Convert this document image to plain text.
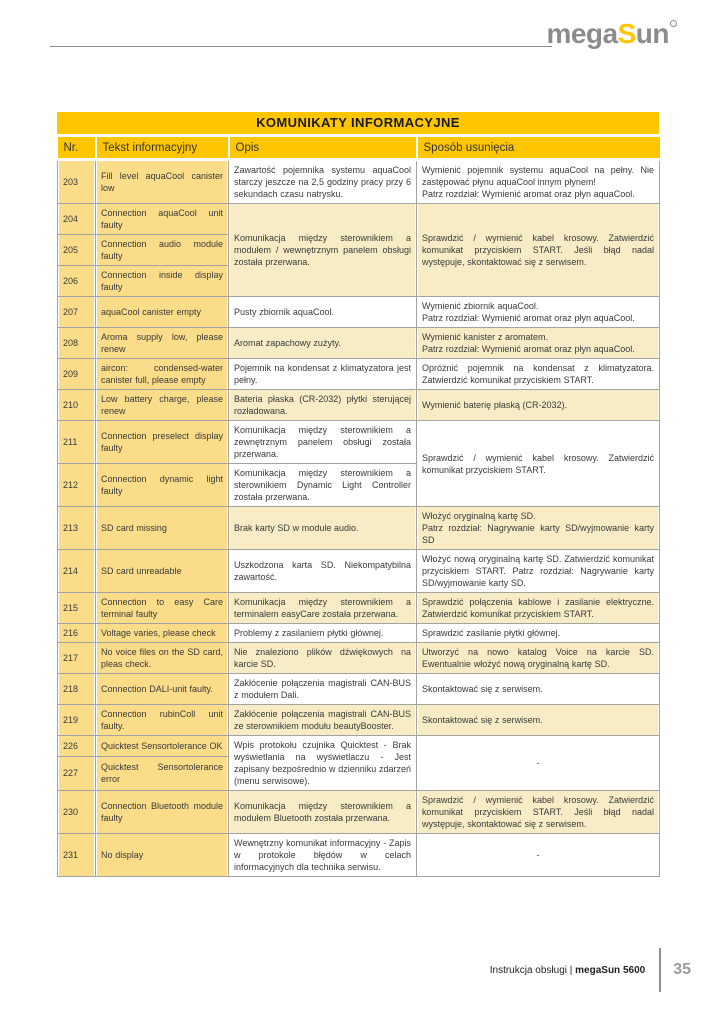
megaSun
KOMUNIKATY INFORMACYJNE
Nr.	Tekst informacyjny	Opis	Sposób usunięcia

203	Fill level aquaCool canister low	Zawartość pojemnika systemu aquaCool starczy jeszcze na 2,5 godziny pracy przy 6 sekundach czasu natrysku.	Wymienić pojemnik systemu aquaCool na pełny. Nie zastępować płynu aquaCool innym płynem!
Patrz rozdział: Wymienić aromat oraz płyn aquaCool.

204	Connection aquaCool unit faulty	Komunikacja między sterownikiem a modułem / wewnętrznym panelem obsługi została przerwana.	Sprawdzić / wymienić kabel krosowy. Zatwierdzić komunikat przyciskiem START. Jeśli błąd nadal występuje, skontaktować się z serwisem.

205	Connection audio module faulty		

206	Connection inside display faulty		

207	aquaCool canister empty	Pusty zbiornik aquaCool.	Wymienić zbiornik aquaCool.
Patrz rozdział: Wymienić aromat oraz płyn aquaCool.

208	Aroma supply low, please renew	Aromat zapachowy zużyty.	Wymienić kanister z aromatem.
Patrz rozdział: Wymienić aromat oraz płyn aquaCool.

209	aircon: condensed-water canister full, please empty	Pojemnik na kondensat z klimatyzatora jest pełny.	Opróżnić pojemnik na kondensat z klimatyzatora. Zatwierdzić komunikat przyciskiem START.

210	Low battery charge, please renew	Bateria płaska (CR-2032) płytki sterującej rozładowana.	Wymienić baterię płaską (CR-2032).

211	Connection preselect display faulty	Komunikacja między sterownikiem a zewnętrznym panelem obsługi została przerwana.	Sprawdzić / wymienić kabel krosowy. Zatwierdzić komunikat przyciskiem START.

212	Connection dynamic light faulty	Komunikacja między sterownikiem a sterownikiem Dynamic Light Controller została przerwana.	

213	SD card missing	Brak karty SD w module audio.	Włożyć oryginalną kartę SD.
Patrz rozdział: Nagrywanie karty SD/wyjmowanie karty SD

214	SD card unreadable	Uszkodzona karta SD. Niekompatybilna zawartość.	Włożyć nową oryginalną kartę SD. Zatwierdzić komunikat przyciskiem START. Patrz rozdział: Nagrywanie karty SD/wyjmowanie karty SD.

215	Connection to easy Care terminal faulty	Komunikacja między sterownikiem a terminalem easyCare została przerwana.	Sprawdzić połączenia kablowe i zasilanie elektryczne. Zatwierdzić komunikat przyciskiem START.

216	Voltage varies, please check	Problemy z zasilaniem płytki głównej.	Sprawdzić zasilanie płytki głównej.

217	No voice files on the SD card, pleas check.	Nie znaleziono plików dźwiękowych na karcie SD.	Utworzyć na nowo katalog Voice na karcie SD. Ewentualnie włożyć nową oryginalną kartę SD.

218	Connection DALI-unit faulty.	Zakłócenie połączenia magistrali CAN-BUS z modułem Dali.	Skontaktować się z serwisem.

219	Connection rubinColl unit faulty.	Zakłócenie połączenia magistrali CAN-BUS ze sterownikiem modułu beautyBooster.	Skontaktować się z serwisem.

226	Quicktest Sensortolerance OK	Wpis protokołu czujnika Quicktest - Brak wyświetlania na wyświetlaczu - Jest zapisany bezpośrednio w dzienniku zdarzeń (menu serwisowe).	-

227	Quicktest Sensortolerance error		

230	Connection Bluetooth module faulty	Komunikacja między sterownikiem a modułem Bluetooth została przerwana.	Sprawdzić / wymienić kabel krosowy. Zatwierdzić komunikat przyciskiem START. Jeśli błąd nadal występuje, skontaktować się z serwisem.

231	No display	Wewnętrzny komunikat informacyjny - Zapis w protokole błędów w celach informacyjnych dla technika serwisu.	-
Instrukcja obsługi | megaSun 5600 35
